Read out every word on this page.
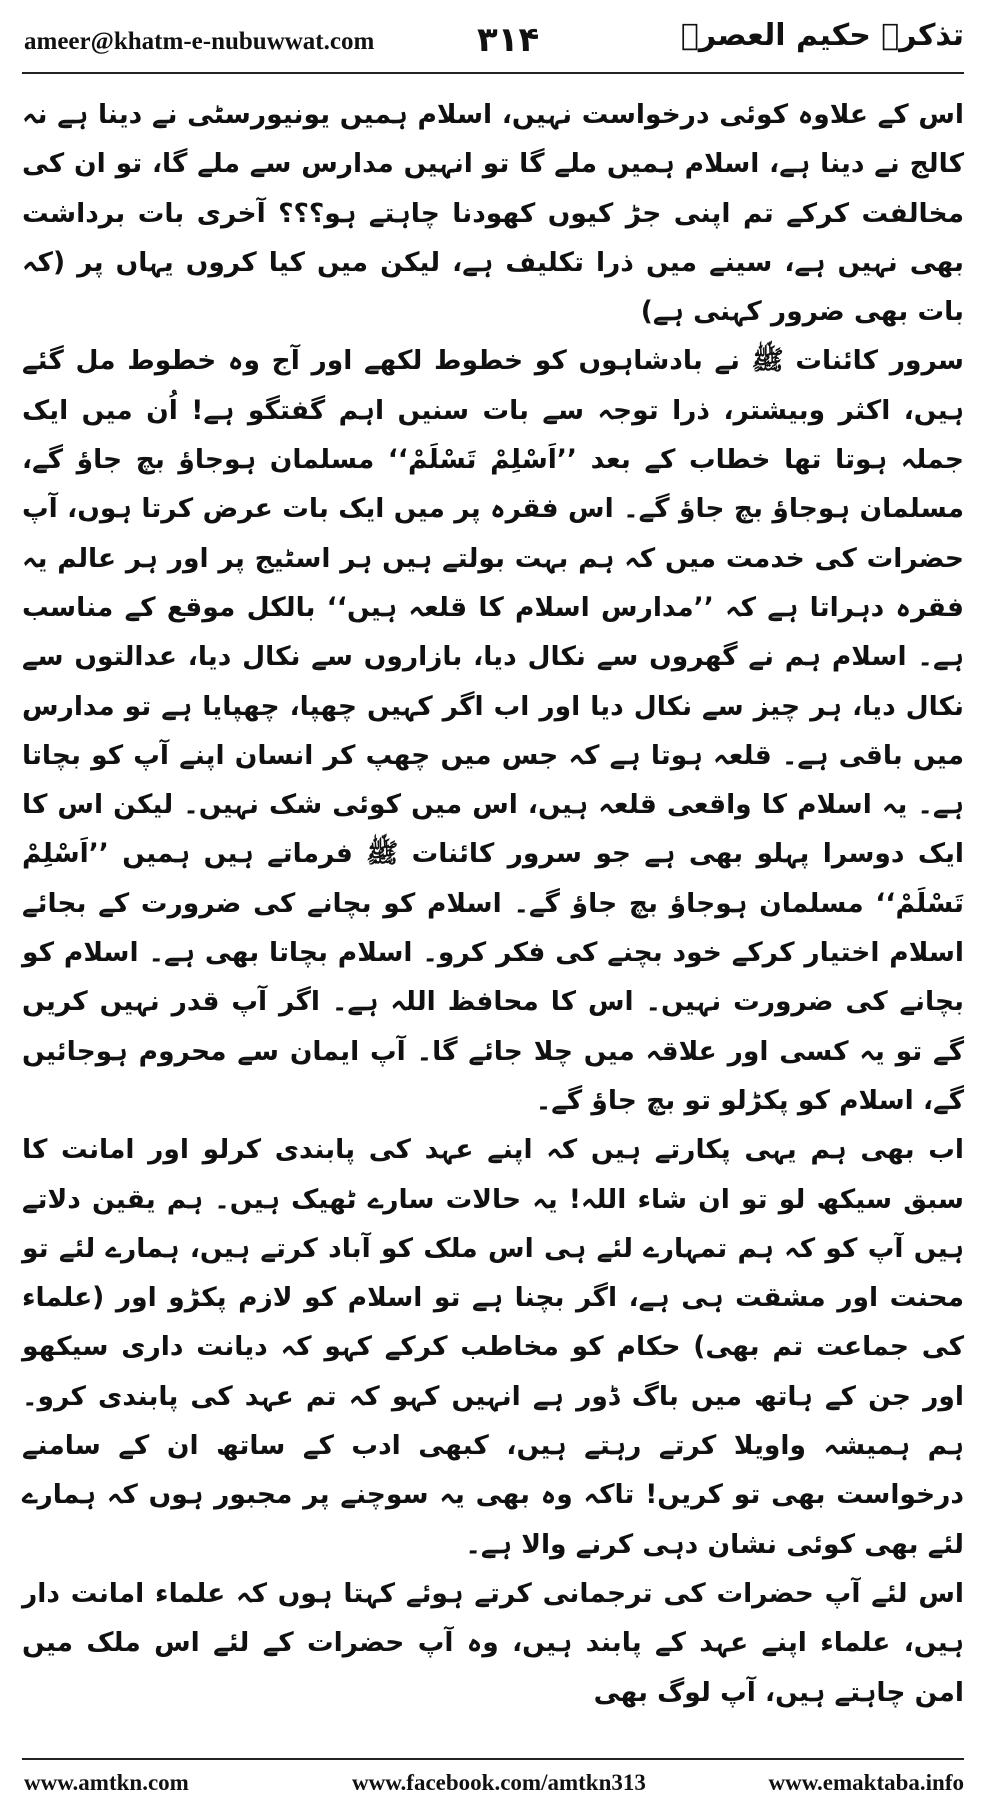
ameer@khatm-e-nubuwwat.com	۳۱۴	تذکرہ حکیم العصرؒ

اس کے علاوہ کوئی درخواست نہیں، اسلام ہمیں یونیورسٹی نے دینا ہے نہ کالج نے دینا ہے، اسلام ہمیں ملے گا تو انہیں مدارس سے ملے گا، تو ان کی مخالفت کرکے تم اپنی جڑ کیوں کھودنا چاہتے ہو؟؟؟ آخری بات برداشت بھی نہیں ہے، سینے میں ذرا تکلیف ہے، لیکن میں کیا کروں یہاں پر (کہ بات بھی ضرور کہنی ہے)

سرور کائنات ﷺ نے بادشاہوں کو خطوط لکھے اور آج وہ خطوط مل گئے ہیں، اکثر وبیشتر، ذرا توجہ سے بات سنیں اہم گفتگو ہے! اُن میں ایک جملہ ہوتا تھا خطاب کے بعد ’’اَسْلِمْ تَسْلَمْ‘‘ مسلمان ہوجاؤ بچ جاؤ گے، مسلمان ہوجاؤ بچ جاؤ گے۔ اس فقرہ پر میں ایک بات عرض کرتا ہوں، آپ حضرات کی خدمت میں کہ ہم بہت بولتے ہیں ہر اسٹیج پر اور ہر عالم یہ فقرہ دہراتا ہے کہ ’’مدارس اسلام کا قلعہ ہیں‘‘ بالکل موقع کے مناسب ہے۔ اسلام ہم نے گھروں سے نکال دیا، بازاروں سے نکال دیا، عدالتوں سے نکال دیا، ہر چیز سے نکال دیا اور اب اگر کہیں چھپا، چھپایا ہے تو مدارس میں باقی ہے۔ قلعہ ہوتا ہے کہ جس میں چھپ کر انسان اپنے آپ کو بچاتا ہے۔ یہ اسلام کا واقعی قلعہ ہیں، اس میں کوئی شک نہیں۔ لیکن اس کا ایک دوسرا پہلو بھی ہے جو سرور کائنات ﷺ فرماتے ہیں ہمیں ’’اَسْلِمْ تَسْلَمْ‘‘ مسلمان ہوجاؤ بچ جاؤ گے۔ اسلام کو بچانے کی ضرورت کے بجائے اسلام اختیار کرکے خود بچنے کی فکر کرو۔ اسلام بچاتا بھی ہے۔ اسلام کو بچانے کی ضرورت نہیں۔ اس کا محافظ اللہ ہے۔ اگر آپ قدر نہیں کریں گے تو یہ کسی اور علاقہ میں چلا جائے گا۔ آپ ایمان سے محروم ہوجائیں گے، اسلام کو پکڑلو تو بچ جاؤ گے۔

اب بھی ہم یہی پکارتے ہیں کہ اپنے عہد کی پابندی کرلو اور امانت کا سبق سیکھ لو تو ان شاء اللہ! یہ حالات سارے ٹھیک ہیں۔ ہم یقین دلاتے ہیں آپ کو کہ ہم تمہارے لئے ہی اس ملک کو آباد کرتے ہیں، ہمارے لئے تو محنت اور مشقت ہی ہے، اگر بچنا ہے تو اسلام کو لازم پکڑو اور (علماء کی جماعت تم بھی) حکام کو مخاطب کرکے کہو کہ دیانت داری سیکھو اور جن کے ہاتھ میں باگ ڈور ہے انہیں کہو کہ تم عہد کی پابندی کرو۔ ہم ہمیشہ واویلا کرتے رہتے ہیں، کبھی ادب کے ساتھ ان کے سامنے درخواست بھی تو کریں! تاکہ وہ بھی یہ سوچنے پر مجبور ہوں کہ ہمارے لئے بھی کوئی نشان دہی کرنے والا ہے۔

اس لئے آپ حضرات کی ترجمانی کرتے ہوئے کہتا ہوں کہ علماء امانت دار ہیں، علماء اپنے عہد کے پابند ہیں، وہ آپ حضرات کے لئے اس ملک میں امن چاہتے ہیں، آپ لوگ بھی

www.amtkn.com	www.facebook.com/amtkn313	www.emaktaba.info
